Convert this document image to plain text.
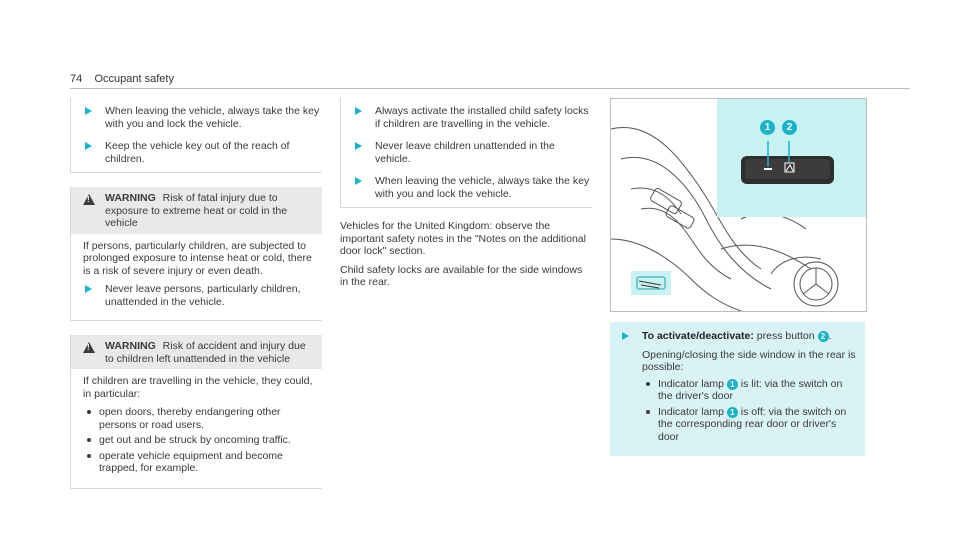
74 Occupant safety
When leaving the vehicle, always take the key with you and lock the vehicle.
Keep the vehicle key out of the reach of children.
!
WARNING Risk of fatal injury due to exposure to extreme heat or cold in the vehicle

If persons, particularly children, are subjected to prolonged exposure to intense heat or cold, there is a risk of severe injury or even death.

Never leave persons, particularly children, unattended in the vehicle.
!
WARNING Risk of accident and injury due to children left unattended in the vehicle

If children are travelling in the vehicle, they could, in particular:

open doors, thereby endangering other persons or road users.
get out and be struck by oncoming traffic.
operate vehicle equipment and become trapped, for example.
Always activate the installed child safety locks if children are travelling in the vehicle.
Never leave children unattended in the vehicle.
When leaving the vehicle, always take the key with you and lock the vehicle.

Vehicles for the United Kingdom: observe the important safety notes in the "Notes on the additional door lock" section.

Child safety locks are available for the side windows in the rear.

1	2
To activate/deactivate: press button 2 .

Opening/closing the side window in the rear is possible:

Indicator lamp 1 is lit: via the switch on the driver's door
Indicator lamp 1 is off: via the switch on the corresponding rear door or driver's door
